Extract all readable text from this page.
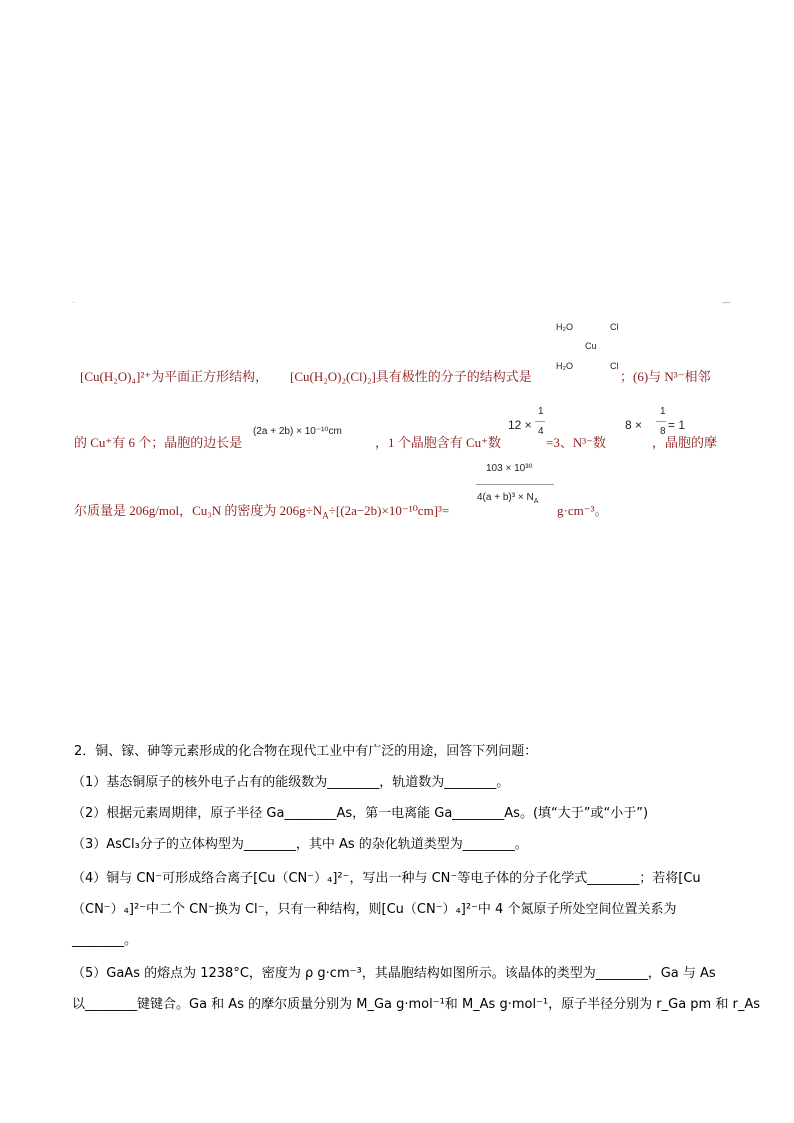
·	—
H₂O	Cl
Cu
H₂O	Cl
[Cu(H₂O)₄]²⁺为平面正方形结构， [Cu(H₂O)₂(Cl)₂]具有极性的分子的结构式是	；(6)与 N³⁻相邻
的 Cu⁺有 6 个；晶胞的边长是
(2a + 2b) × 10⁻¹⁰cm
，1 个晶胞含有 Cu⁺数
12 ×
1
4
=3、N³⁻数
8 ×
1
8 = 1
，晶胞的摩
尔质量是 206g/mol，Cu₃N 的密度为 $206g\div N_A\div[(2a-2b)\times 10^{-10}cm]^3=$
103 × 10³⁰
$4(a + b)^3 \times N_A$
g·cm⁻³。
2．铜、镓、砷等元素形成的化合物在现代工业中有广泛的用途，回答下列问题：
（1）基态铜原子的核外电子占有的能级数为________，轨道数为________。
（2）根据元素周期律，原子半径 Ga________As，第一电离能 Ga________As。(填“大于”或“小于”)
（3）AsCl₃分子的立体构型为________，其中 As 的杂化轨道类型为________。
（4）铜与 CN⁻可形成络合离子[Cu（CN⁻）₄]²⁻，写出一种与 CN⁻等电子体的分子化学式________；若将[Cu
（CN⁻）₄]²⁻中二个 CN⁻换为 Cl⁻，只有一种结构，则[Cu（CN⁻）₄]²⁻中 4 个氮原子所处空间位置关系为
________。
（5）GaAs 的熔点为 1238°C，密度为 ρ g·cm⁻³，其晶胞结构如图所示。该晶体的类型为________，Ga 与 As
以________键键合。Ga 和 As 的摩尔质量分别为 M_Ga g·mol⁻¹和 M_As g·mol⁻¹，原子半径分别为 r_Ga pm 和 r_As
